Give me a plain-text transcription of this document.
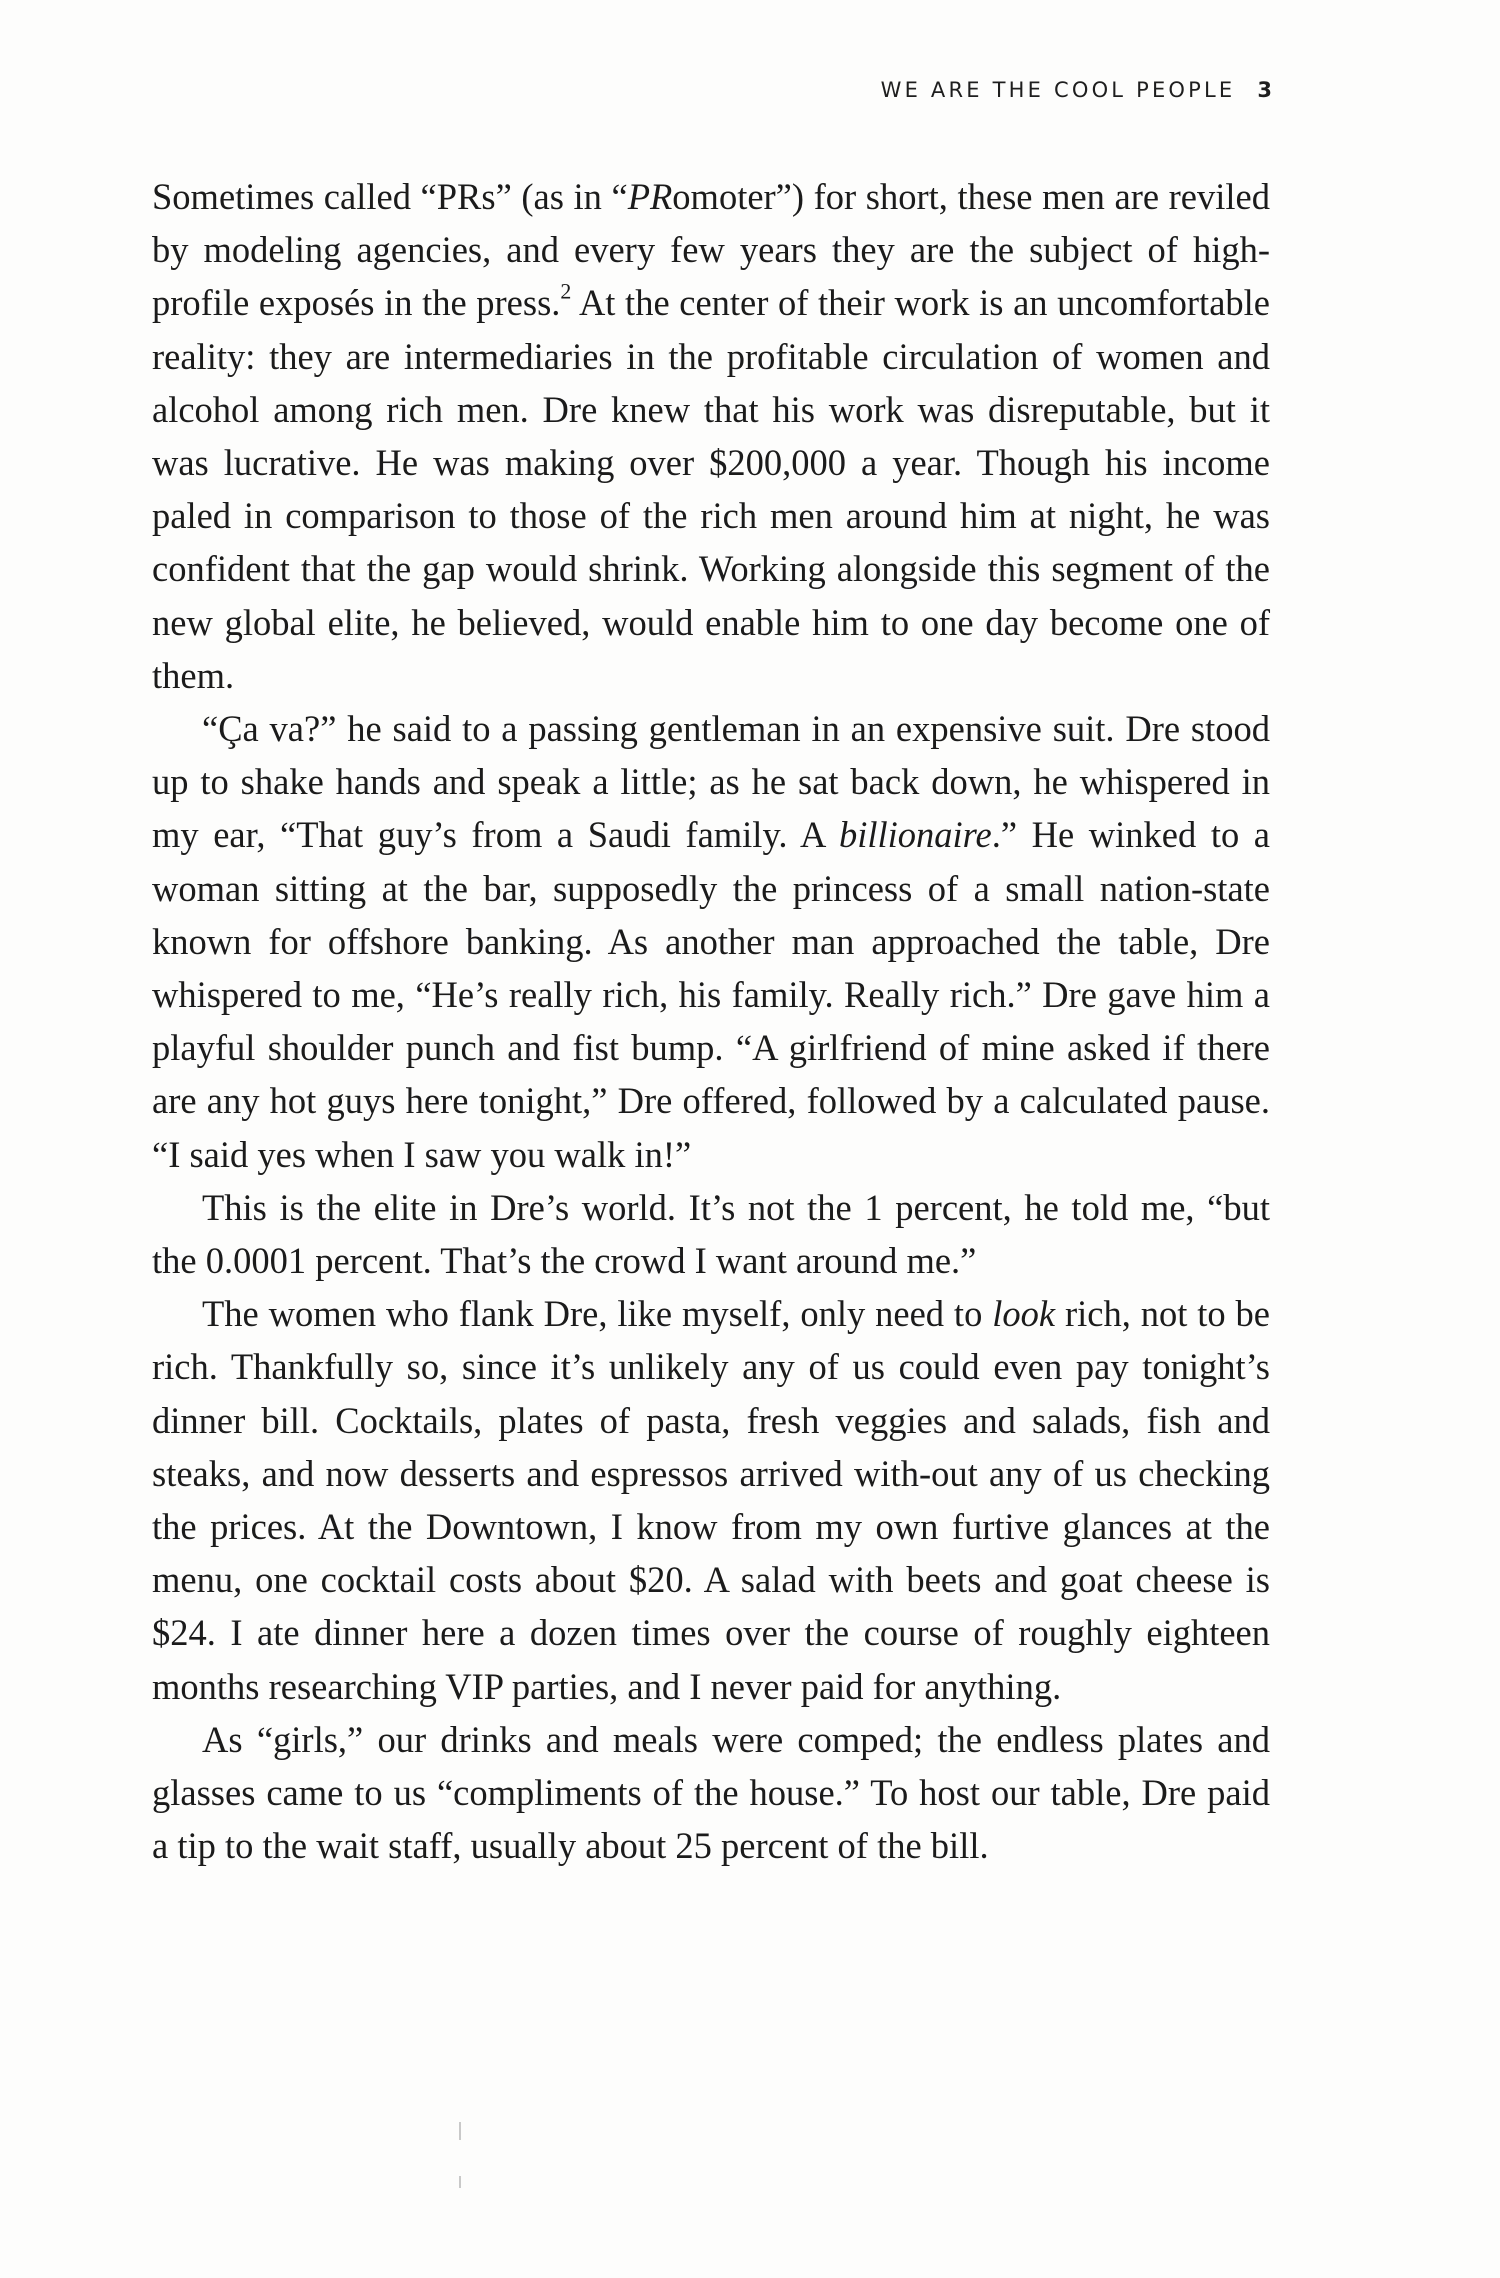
WE ARE THE COOL PEOPLE 3

Sometimes called “PRs” (as in “PRomoter”) for short, these men are reviled by modeling agencies, and every few years they are the subject of high-profile exposés in the press.$^2$ At the center of their work is an uncomfortable reality: they are intermediaries in the profitable circulation of women and alcohol among rich men. Dre knew that his work was disreputable, but it was lucrative. He was making over $200,000 a year. Though his income paled in comparison to those of the rich men around him at night, he was confident that the gap would shrink. Working alongside this segment of the new global elite, he believed, would enable him to one day become one of them.

“Ça va?” he said to a passing gentleman in an expensive suit. Dre stood up to shake hands and speak a little; as he sat back down, he whispered in my ear, “That guy’s from a Saudi family. A billionaire.” He winked to a woman sitting at the bar, supposedly the princess of a small nation-state known for offshore banking. As another man approached the table, Dre whispered to me, “He’s really rich, his family. Really rich.” Dre gave him a playful shoulder punch and fist bump. “A girlfriend of mine asked if there are any hot guys here tonight,” Dre offered, followed by a calculated pause. “I said yes when I saw you walk in!”

This is the elite in Dre’s world. It’s not the 1 percent, he told me, “but the 0.0001 percent. That’s the crowd I want around me.”

The women who flank Dre, like myself, only need to look rich, not to be rich. Thankfully so, since it’s unlikely any of us could even pay tonight’s dinner bill. Cocktails, plates of pasta, fresh veggies and salads, fish and steaks, and now desserts and espressos arrived with-out any of us checking the prices. At the Downtown, I know from my own furtive glances at the menu, one cocktail costs about $20. A salad with beets and goat cheese is $24. I ate dinner here a dozen times over the course of roughly eighteen months researching VIP parties, and I never paid for anything.

As “girls,” our drinks and meals were comped; the endless plates and glasses came to us “compliments of the house.” To host our table, Dre paid a tip to the wait staff, usually about 25 percent of the bill.
